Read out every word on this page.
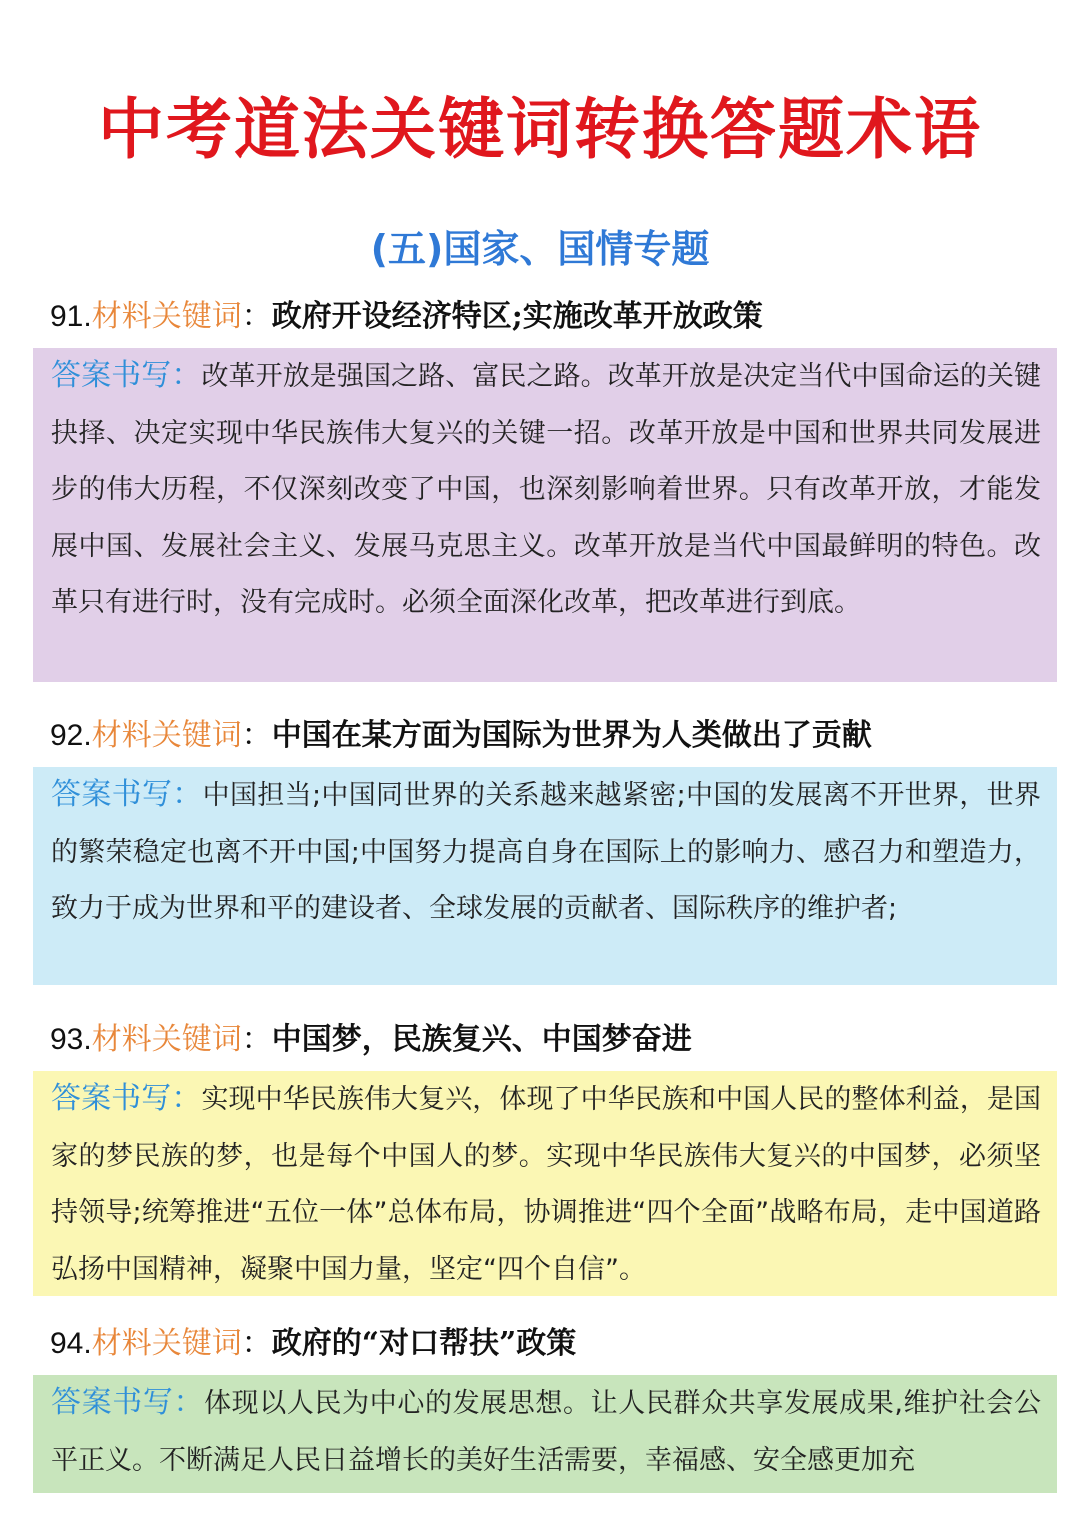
中考道法关键词转换答题术语
(五)国家、国情专题
91.材料关键词：政府开设经济特区;实施改革开放政策
答案书写：改革开放是强国之路、富民之路。改革开放是决定当代中国命运的关键抉择、决定实现中华民族伟大复兴的关键一招。改革开放是中国和世界共同发展进步的伟大历程，不仅深刻改变了中国，也深刻影响着世界。只有改革开放，才能发展中国、发展社会主义、发展马克思主义。改革开放是当代中国最鲜明的特色。改革只有进行时，没有完成时。必须全面深化改革，把改革进行到底。
92.材料关键词：中国在某方面为国际为世界为人类做出了贡献
答案书写：中国担当;中国同世界的关系越来越紧密;中国的发展离不开世界，世界的繁荣稳定也离不开中国;中国努力提高自身在国际上的影响力、感召力和塑造力，致力于成为世界和平的建设者、全球发展的贡献者、国际秩序的维护者;
93.材料关键词：中国梦，民族复兴、中国梦奋进
答案书写：实现中华民族伟大复兴，体现了中华民族和中国人民的整体利益，是国家的梦民族的梦，也是每个中国人的梦。实现中华民族伟大复兴的中国梦，必须坚持领导;统筹推进“五位一体”总体布局，协调推进“四个全面”战略布局，走中国道路弘扬中国精神，凝聚中国力量，坚定“四个自信”。
94.材料关键词：政府的“对口帮扶”政策
答案书写：体现以人民为中心的发展思想。让人民群众共享发展成果,维护社会公平正义。不断满足人民日益增长的美好生活需要，幸福感、安全感更加充
